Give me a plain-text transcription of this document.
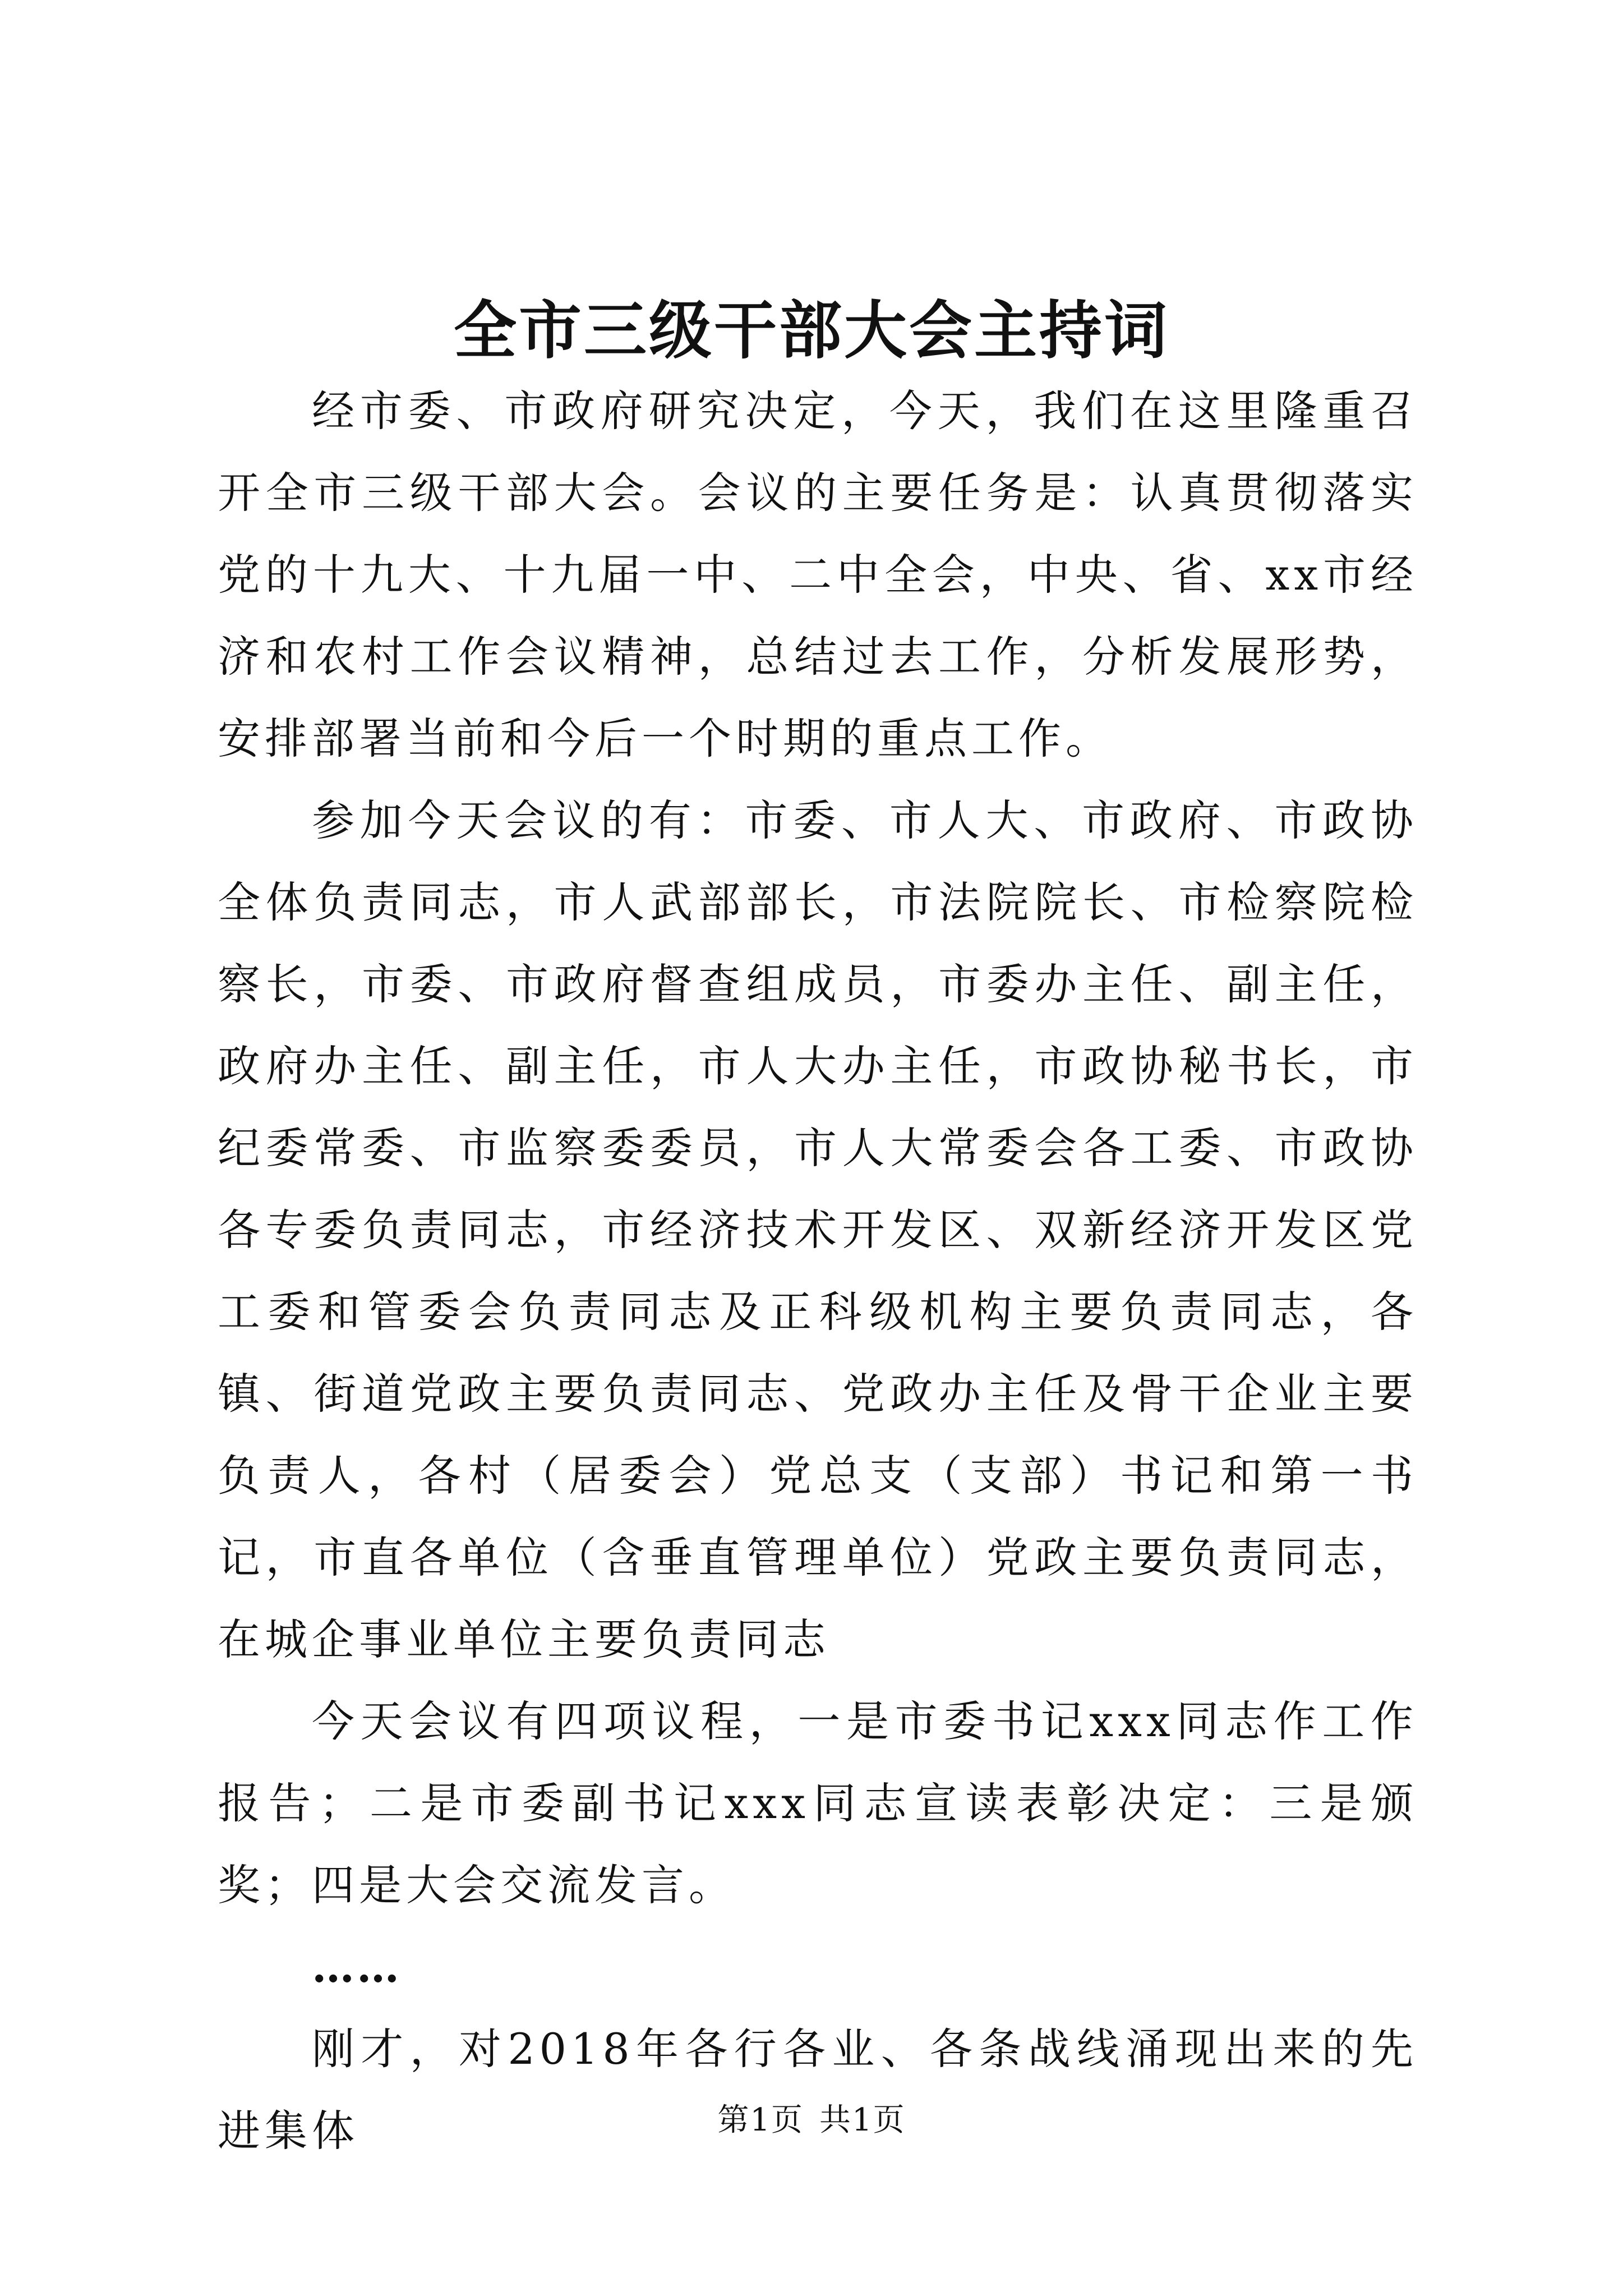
全市三级干部大会主持词

经市委、市政府研究决定，今天，我们在这里隆重召开全市三级干部大会。会议的主要任务是：认真贯彻落实党的十九大、十九届一中、二中全会，中央、省、xx市经济和农村工作会议精神，总结过去工作，分析发展形势，安排部署当前和今后一个时期的重点工作。

参加今天会议的有：市委、市人大、市政府、市政协全体负责同志，市人武部部长，市法院院长、市检察院检察长，市委、市政府督查组成员，市委办主任、副主任，政府办主任、副主任，市人大办主任，市政协秘书长，市纪委常委、市监察委委员，市人大常委会各工委、市政协各专委负责同志，市经济技术开发区、双新经济开发区党工委和管委会负责同志及正科级机构主要负责同志，各镇、街道党政主要负责同志、党政办主任及骨干企业主要负责人，各村（居委会）党总支（支部）书记和第一书记，市直各单位（含垂直管理单位）党政主要负责同志，在城企事业单位主要负责同志

今天会议有四项议程，一是市委书记xxx同志作工作报告；二是市委副书记xxx同志宣读表彰决定：三是颁奖；四是大会交流发言。

……

刚才，对2018年各行各业、各条战线涌现出来的先进集体	第1页 共1页
